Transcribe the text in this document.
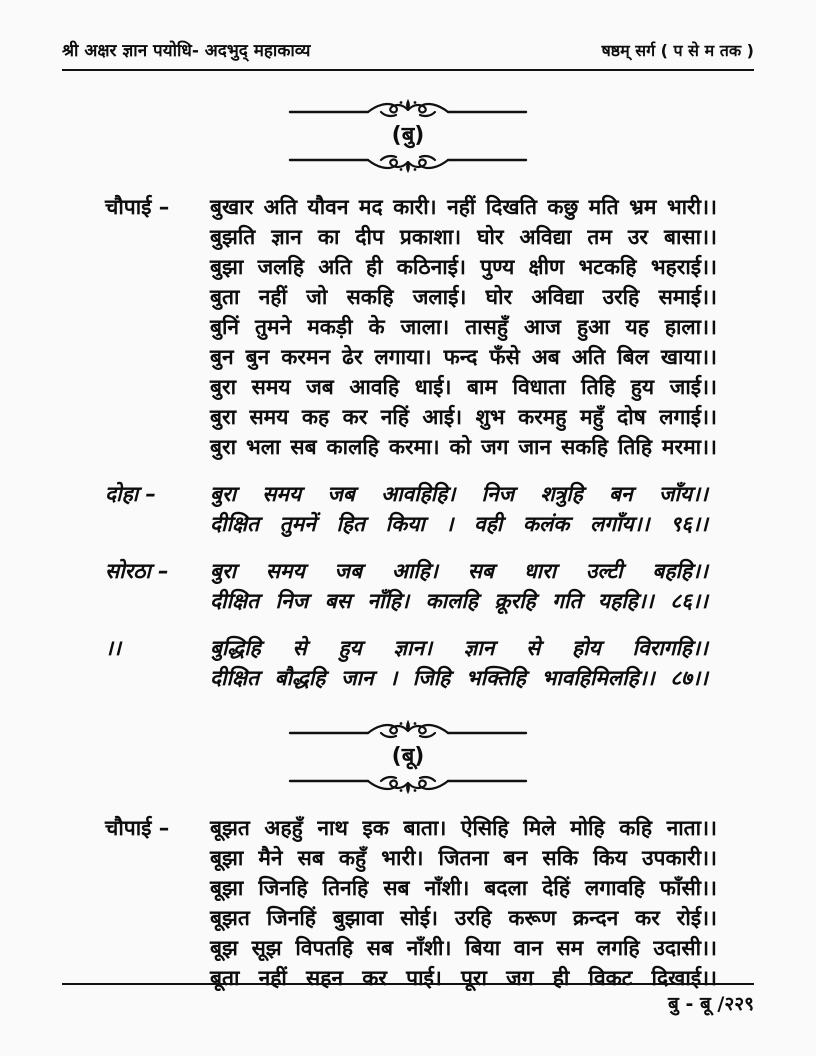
श्री अक्षर ज्ञान पयोधि- अदभुद् महाकाव्य	षष्ठम् सर्ग ( प से म तक )
(बु)
चौपाई –	बुखार अति यौवन मद कारी। नहीं दिखति कछु मति भ्रम भारी।।
बुझति ज्ञान का दीप प्रकाशा। घोर अविद्या तम उर बासा।।
बुझा जलहि अति ही कठिनाई। पुण्य क्षीण भटकहि भहराई।।
बुता नहीं जो सकहि जलाई। घोर अविद्या उरहि समाई।।
बुनिं तुमने मकड़ी के जाला। तासहुँ आज हुआ यह हाला।।
बुन बुन करमन ढेर लगाया। फन्द फँसे अब अति बिल खाया।।
बुरा समय जब आवहि धाई। बाम विधाता तिहि हुय जाई।।
बुरा समय कह कर नहिं आई। शुभ करमहु महुँ दोष लगाई।।
बुरा भला सब कालहि करमा। को जग जान सकहि तिहि मरमा।।
दोहा –	बुरा समय जब आवहिहि। निज शत्रुहि बन जाँय।।
दीक्षित तुमनें हित किया । वही कलंक लगाँय।। ९६।।
सोरठा –	बुरा समय जब आहि। सब धारा उल्टी बहहि।।
दीक्षित निज बस नाँहि। कालहि क्रूरहि गति यहहि।। ८६।।
।।	बुद्धिहि से हुय ज्ञान। ज्ञान से होय विरागहि।।
दीक्षित बौद्धहि जान । जिहि भक्तिहि भावहिमिलहि।। ८७।।
(बू)
चौपाई –	बूझत अहहुँ नाथ इक बाता। ऐसिहि मिले मोहि कहि नाता।।
बूझा मैने सब कहुँ भारी। जितना बन सकि किय उपकारी।।
बूझा जिनहि तिनहि सब नाँशी। बदला देहिं लगावहि फाँसी।।
बूझत जिनहिं बुझावा सोई। उरहि करूण क्रन्दन कर रोई।।
बूझ सूझ विपतहि सब नाँशी। बिया वान सम लगहि उदासी।।
बूता नहीं सहन कर पाई। पूरा जग ही विकट दिखाई।।
बु - बू /२२९
